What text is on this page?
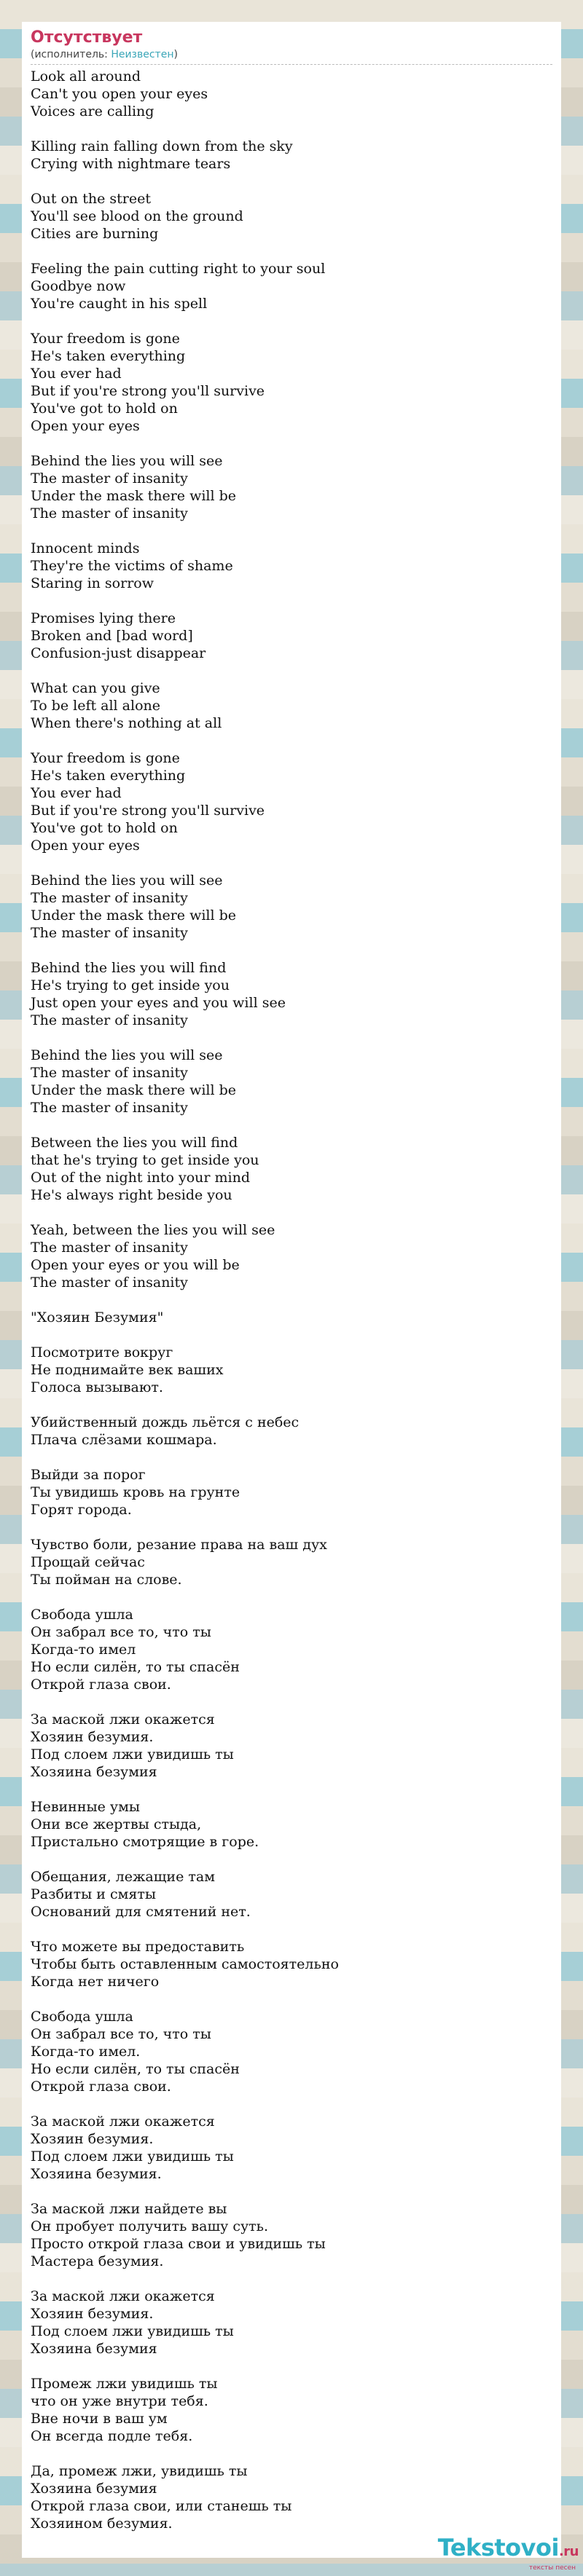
Отсутствует
(исполнитель: Неизвестен)
Look all around
Can't you open your eyes
Voices are calling
Killing rain falling down from the sky
Crying with nightmare tears
Out on the street
You'll see blood on the ground
Cities are burning
Feeling the pain cutting right to your soul
Goodbye now
You're caught in his spell
Your freedom is gone
He's taken everything
You ever had
But if you're strong you'll survive
You've got to hold on
Open your eyes
Behind the lies you will see
The master of insanity
Under the mask there will be
The master of insanity
Innocent minds
They're the victims of shame
Staring in sorrow
Promises lying there
Broken and [bad word]
Confusion-just disappear
What can you give
To be left all alone
When there's nothing at all
Your freedom is gone
He's taken everything
You ever had
But if you're strong you'll survive
You've got to hold on
Open your eyes
Behind the lies you will see
The master of insanity
Under the mask there will be
The master of insanity
Behind the lies you will find
He's trying to get inside you
Just open your eyes and you will see
The master of insanity
Behind the lies you will see
The master of insanity
Under the mask there will be
The master of insanity
Between the lies you will find
that he's trying to get inside you
Out of the night into your mind
He's always right beside you
Yeah, between the lies you will see
The master of insanity
Open your eyes or you will be
The master of insanity
"Хозяин Безумия"
Посмотрите вокруг
Не поднимайте век ваших
Голоса вызывают.
Убийственный дождь льётся с небес
Плача слёзами кошмара.
Выйди за порог
Ты увидишь кровь на грунте
Горят города.
Чувство боли, резание права на ваш дух
Прощай сейчас
Ты пойман на слове.
Свобода ушла
Он забрал все то, что ты
Когда-то имел
Но если силён, то ты спасён
Открой глаза свои.
За маской лжи окажется
Хозяин безумия.
Под слоем лжи увидишь ты
Хозяина безумия
Невинные умы
Они все жертвы стыда,
Пристально смотрящие в горе.
Обещания, лежащие там
Разбиты и смяты
Оснований для смятений нет.
Что можете вы предоставить
Чтобы быть оставленным самостоятельно
Когда нет ничего
Свобода ушла
Он забрал все то, что ты
Когда-то имел.
Но если силён, то ты спасён
Открой глаза свои.
За маской лжи окажется
Хозяин безумия.
Под слоем лжи увидишь ты
Хозяина безумия.
За маской лжи найдете вы
Он пробует получить вашу суть.
Просто открой глаза свои и увидишь ты
Мастера безумия.
За маской лжи окажется
Хозяин безумия.
Под слоем лжи увидишь ты
Хозяина безумия
Промеж лжи увидишь ты
что он уже внутри тебя.
Вне ночи в ваш ум
Он всегда подле тебя.
Да, промеж лжи, увидишь ты
Хозяина безумия
Открой глаза свои, или станешь ты
Хозяином безумия.
Tekstovoi.ru
тексты песен
